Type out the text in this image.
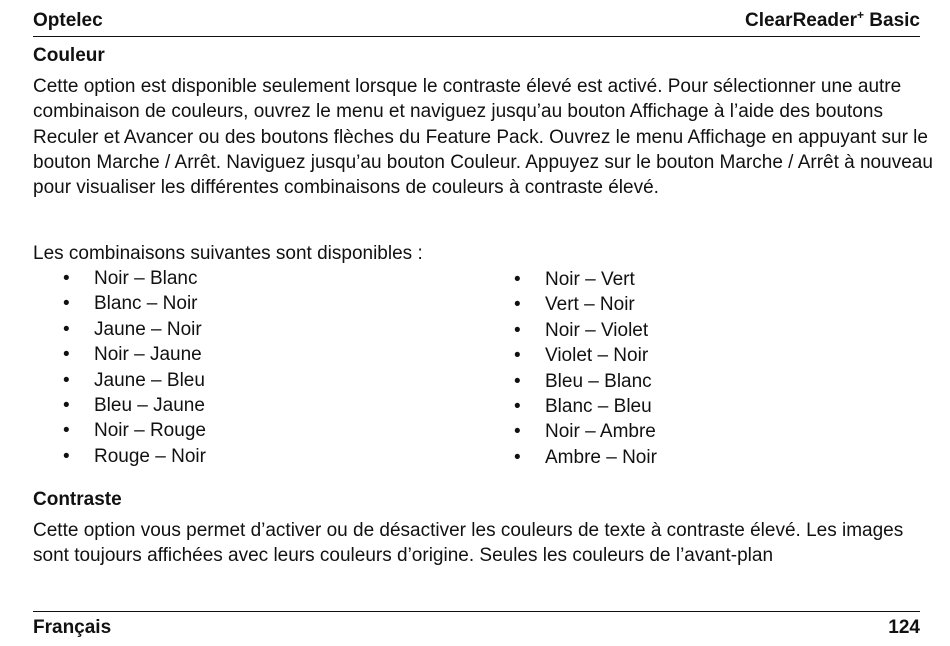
Optelec	ClearReader+ Basic
Couleur

Cette option est disponible seulement lorsque le contraste élevé est activé. Pour sélectionner une autre combinaison de couleurs, ouvrez le menu et naviguez jusqu’au bouton Affichage à l’aide des boutons Reculer et Avancer ou des boutons flèches du Feature Pack. Ouvrez le menu Affichage en appuyant sur le bouton Marche / Arrêt. Naviguez jusqu’au bouton Couleur. Appuyez sur le bouton Marche / Arrêt à nouveau pour visualiser les différentes combinaisons de couleurs à contraste élevé.

Les combinaisons suivantes sont disponibles :
• Noir – Blanc
• Blanc – Noir
• Jaune – Noir
• Noir – Jaune
• Jaune – Bleu
• Bleu – Jaune
• Noir – Rouge
• Rouge – Noir
• Noir – Vert
• Vert – Noir
• Noir – Violet
• Violet – Noir
• Bleu – Blanc
• Blanc – Bleu
• Noir – Ambre
• Ambre – Noir
Contraste

Cette option vous permet d’activer ou de désactiver les couleurs de texte à contraste élevé. Les images sont toujours affichées avec leurs couleurs d’origine. Seules les couleurs de l’avant-plan

Français	124
